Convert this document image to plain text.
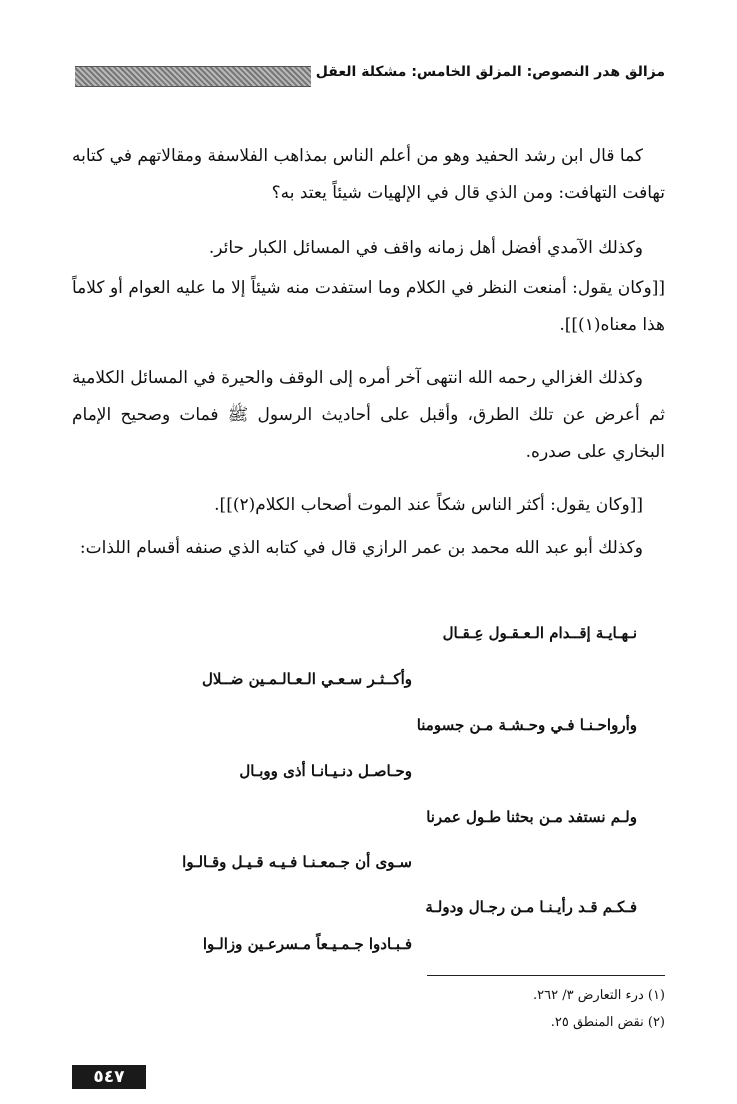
مزالق هدر النصوص: المزلق الخامس: مشكلة العقل
كما قال ابن رشد الحفيد وهو من أعلم الناس بمذاهب الفلاسفة ومقالاتهم في كتابه تهافت التهافت: ومن الذي قال في الإلهيات شيئاً يعتد به؟
وكذلك الآمدي أفضل أهل زمانه واقف في المسائل الكبار حائر.
[[وكان يقول: أمنعت النظر في الكلام وما استفدت منه شيئاً إلا ما عليه العوام أو كلاماً هذا معناه(١)]].
وكذلك الغزالي رحمه الله انتهى آخر أمره إلى الوقف والحيرة في المسائل الكلامية ثم أعرض عن تلك الطرق، وأقبل على أحاديث الرسول ﷺ فمات وصحيح الإمام البخاري على صدره.
[[وكان يقول: أكثر الناس شكاً عند الموت أصحاب الكلام(٢)]].
وكذلك أبو عبد الله محمد بن عمر الرازي قال في كتابه الذي صنفه أقسام اللذات:
نـهـايـة إقــدام الـعـقـول عِـقـال
وأكــثـر سـعـي الـعـالـمـين ضــلال
وأرواحـنـا فـي وحـشـة مـن جسومنا
وحـاصـل دنـيـانـا أذى ووبـال
ولـم نستفد مـن بحثنا طـول عمرنا
سـوى أن جـمعـنـا فـيـه قـيـل وقـالـوا
فـكـم قـد رأيـنـا مـن رجـال ودولـة
فـبـادوا جـمـيـعاً مـسرعـين وزالـوا
(١) درء التعارض ٣/ ٢٦٢.
(٢) نقض المنطق ٢٥.
٥٤٧
